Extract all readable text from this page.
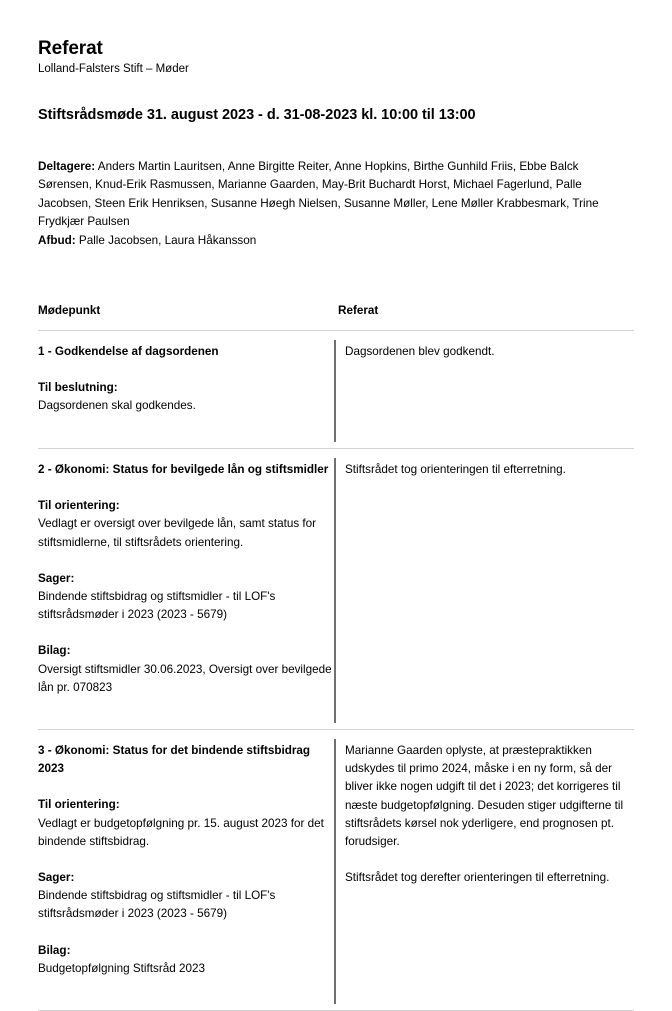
Referat
Lolland-Falsters Stift – Møder
Stiftsrådsmøde 31. august 2023 - d. 31-08-2023 kl. 10:00 til 13:00
Deltagere: Anders Martin Lauritsen, Anne Birgitte Reiter, Anne Hopkins, Birthe Gunhild Friis, Ebbe Balck Sørensen, Knud-Erik Rasmussen, Marianne Gaarden, May-Brit Buchardt Horst, Michael Fagerlund, Palle Jacobsen, Steen Erik Henriksen, Susanne Høegh Nielsen, Susanne Møller, Lene Møller Krabbesmark, Trine Frydkjær Paulsen
Afbud: Palle Jacobsen, Laura Håkansson
Mødepunkt	Referat

1 - Godkendelse af dagsordenen

Til beslutning:

Dagsordenen skal godkendes.

Dagsordenen blev godkendt.

2 - Økonomi: Status for bevilgede lån og stiftsmidler

Til orientering:

Vedlagt er oversigt over bevilgede lån, samt status for stiftsmidlerne, til stiftsrådets orientering.

Sager:

Bindende stiftsbidrag og stiftsmidler - til LOF's stiftsrådsmøder i 2023 (2023 - 5679)

Bilag:

Oversigt stiftsmidler 30.06.2023, Oversigt over bevilgede lån pr. 070823

Stiftsrådet tog orienteringen til efterretning.

3 - Økonomi: Status for det bindende stiftsbidrag 2023

Til orientering:

Vedlagt er budgetopfølgning pr. 15. august 2023 for det bindende stiftsbidrag.

Sager:

Bindende stiftsbidrag og stiftsmidler - til LOF's stiftsrådsmøder i 2023 (2023 - 5679)

Bilag:

Budgetopfølgning Stiftsråd 2023

Marianne Gaarden oplyste, at præstepraktikken udskydes til primo 2024, måske i en ny form, så der bliver ikke nogen udgift til det i 2023; det korrigeres til næste budgetopfølgning. Desuden stiger udgifterne til stiftsrådets kørsel nok yderligere, end prognosen pt. forudsiger.

Stiftsrådet tog derefter orienteringen til efterretning.
